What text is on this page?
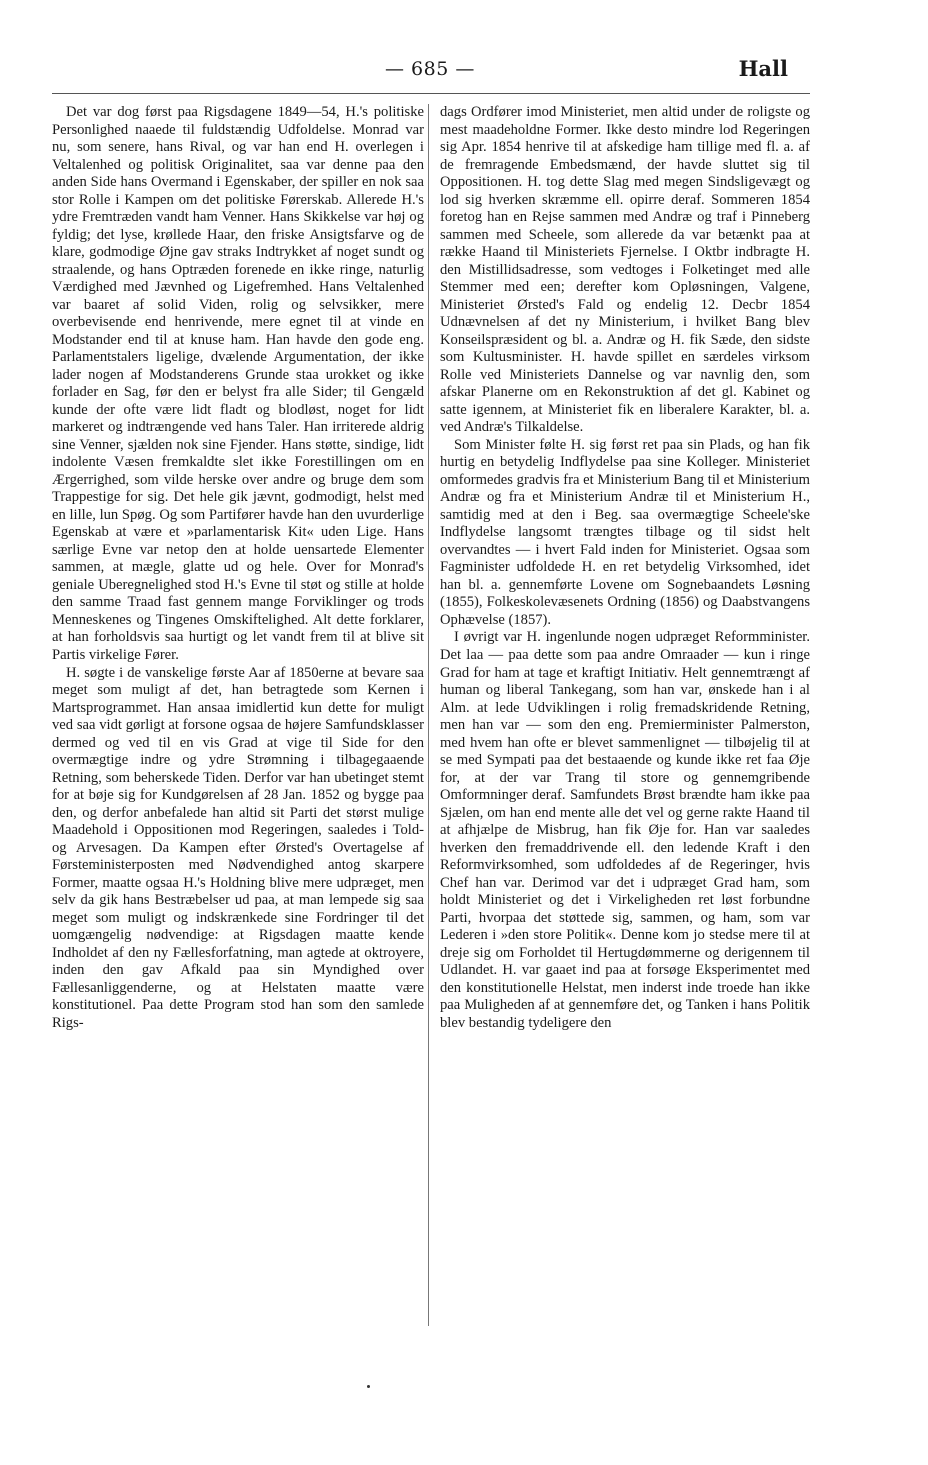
— 685 —	Hall

Det var dog først paa Rigsdagene 1849—54, H.'s politiske Personlighed naaede til fuldstændig Udfoldelse. Monrad var nu, som senere, hans Rival, og var han end H. overlegen i Veltalenhed og politisk Originalitet, saa var denne paa den anden Side hans Overmand i Egenskaber, der spiller en nok saa stor Rolle i Kampen om det politiske Førerskab. Allerede H.'s ydre Fremtræden vandt ham Venner. Hans Skikkelse var høj og fyldig; det lyse, krøllede Haar, den friske Ansigtsfarve og de klare, godmodige Øjne gav straks Indtrykket af noget sundt og straalende, og hans Optræden forenede en ikke ringe, naturlig Værdighed med Jævnhed og Ligefremhed. Hans Veltalenhed var baaret af solid Viden, rolig og selvsikker, mere overbevisende end henrivende, mere egnet til at vinde en Modstander end til at knuse ham. Han havde den gode eng. Parlamentstalers ligelige, dvælende Argumentation, der ikke lader nogen af Modstanderens Grunde staa urokket og ikke forlader en Sag, før den er belyst fra alle Sider; til Gengæld kunde der ofte være lidt fladt og blodløst, noget for lidt markeret og indtrængende ved hans Taler. Han irriterede aldrig sine Venner, sjælden nok sine Fjender. Hans støtte, sindige, lidt indolente Væsen fremkaldte slet ikke Forestillingen om en Ærgerrighed, som vilde herske over andre og bruge dem som Trappestige for sig. Det hele gik jævnt, godmodigt, helst med en lille, lun Spøg. Og som Partifører havde han den uvurderlige Egenskab at være et »parlamentarisk Kit« uden Lige. Hans særlige Evne var netop den at holde uensartede Elementer sammen, at mægle, glatte ud og hele. Over for Monrad's geniale Uberegnelighed stod H.'s Evne til støt og stille at holde den samme Traad fast gennem mange Forviklinger og trods Menneskenes og Tingenes Omskiftelighed. Alt dette forklarer, at han forholdsvis saa hurtigt og let vandt frem til at blive sit Partis virkelige Fører.

H. søgte i de vanskelige første Aar af 1850erne at bevare saa meget som muligt af det, han betragtede som Kernen i Martsprogrammet. Han ansaa imidlertid kun dette for muligt ved saa vidt gørligt at forsone ogsaa de højere Samfundsklasser dermed og ved til en vis Grad at vige til Side for den overmægtige indre og ydre Strømning i tilbagegaaende Retning, som beherskede Tiden. Derfor var han ubetinget stemt for at bøje sig for Kundgørelsen af 28 Jan. 1852 og bygge paa den, og derfor anbefalede han altid sit Parti det størst mulige Maadehold i Oppositionen mod Regeringen, saaledes i Told- og Arvesagen. Da Kampen efter Ørsted's Overtagelse af Førsteministerposten med Nødvendighed antog skarpere Former, maatte ogsaa H.'s Holdning blive mere udpræget, men selv da gik hans Bestræbelser ud paa, at man lempede sig saa meget som muligt og indskrænkede sine Fordringer til det uomgængelig nødvendige: at Rigsdagen maatte kende Indholdet af den ny Fællesforfatning, man agtede at oktroyere, inden den gav Afkald paa sin Myndighed over Fællesanliggenderne, og at Helstaten maatte være konstitutionel. Paa dette Program stod han som den samlede Rigs-

dags Ordfører imod Ministeriet, men altid under de roligste og mest maadeholdne Former. Ikke desto mindre lod Regeringen sig Apr. 1854 henrive til at afskedige ham tillige med fl. a. af de fremragende Embedsmænd, der havde sluttet sig til Oppositionen. H. tog dette Slag med megen Sindsligevægt og lod sig hverken skræmme ell. opirre deraf. Sommeren 1854 foretog han en Rejse sammen med Andræ og traf i Pinneberg sammen med Scheele, som allerede da var betænkt paa at række Haand til Ministeriets Fjernelse. I Oktbr indbragte H. den Mistillidsadresse, som vedtoges i Folketinget med alle Stemmer med een; derefter kom Opløsningen, Valgene, Ministeriet Ørsted's Fald og endelig 12. Decbr 1854 Udnævnelsen af det ny Ministerium, i hvilket Bang blev Konseilspræsident og bl. a. Andræ og H. fik Sæde, den sidste som Kultusminister. H. havde spillet en særdeles virksom Rolle ved Ministeriets Dannelse og var navnlig den, som afskar Planerne om en Rekonstruktion af det gl. Kabinet og satte igennem, at Ministeriet fik en liberalere Karakter, bl. a. ved Andræ's Tilkaldelse.

Som Minister følte H. sig først ret paa sin Plads, og han fik hurtig en betydelig Indflydelse paa sine Kolleger. Ministeriet omformedes gradvis fra et Ministerium Bang til et Ministerium Andræ og fra et Ministerium Andræ til et Ministerium H., samtidig med at den i Beg. saa overmægtige Scheele'ske Indflydelse langsomt trængtes tilbage og til sidst helt overvandtes — i hvert Fald inden for Ministeriet. Ogsaa som Fagminister udfoldede H. en ret betydelig Virksomhed, idet han bl. a. gennemførte Lovene om Sognebaandets Løsning (1855), Folkeskolevæsenets Ordning (1856) og Daabstvangens Ophævelse (1857).

I øvrigt var H. ingenlunde nogen udpræget Reformminister. Det laa — paa dette som paa andre Omraader — kun i ringe Grad for ham at tage et kraftigt Initiativ. Helt gennemtrængt af human og liberal Tankegang, som han var, ønskede han i al Alm. at lede Udviklingen i rolig fremadskridende Retning, men han var — som den eng. Premierminister Palmerston, med hvem han ofte er blevet sammenlignet — tilbøjelig til at se med Sympati paa det bestaaende og kunde ikke ret faa Øje for, at der var Trang til store og gennemgribende Omformninger deraf. Samfundets Brøst brændte ham ikke paa Sjælen, om han end mente alle det vel og gerne rakte Haand til at afhjælpe de Misbrug, han fik Øje for. Han var saaledes hverken den fremaddrivende ell. den ledende Kraft i den Reformvirksomhed, som udfoldedes af de Regeringer, hvis Chef han var. Derimod var det i udpræget Grad ham, som holdt Ministeriet og det i Virkeligheden ret løst forbundne Parti, hvorpaa det støttede sig, sammen, og ham, som var Lederen i »den store Politik«. Denne kom jo stedse mere til at dreje sig om Forholdet til Hertugdømmerne og derigennem til Udlandet. H. var gaaet ind paa at forsøge Eksperimentet med den konstitutionelle Helstat, men inderst inde troede han ikke paa Muligheden af at gennemføre det, og Tanken i hans Politik blev bestandig tydeligere den
